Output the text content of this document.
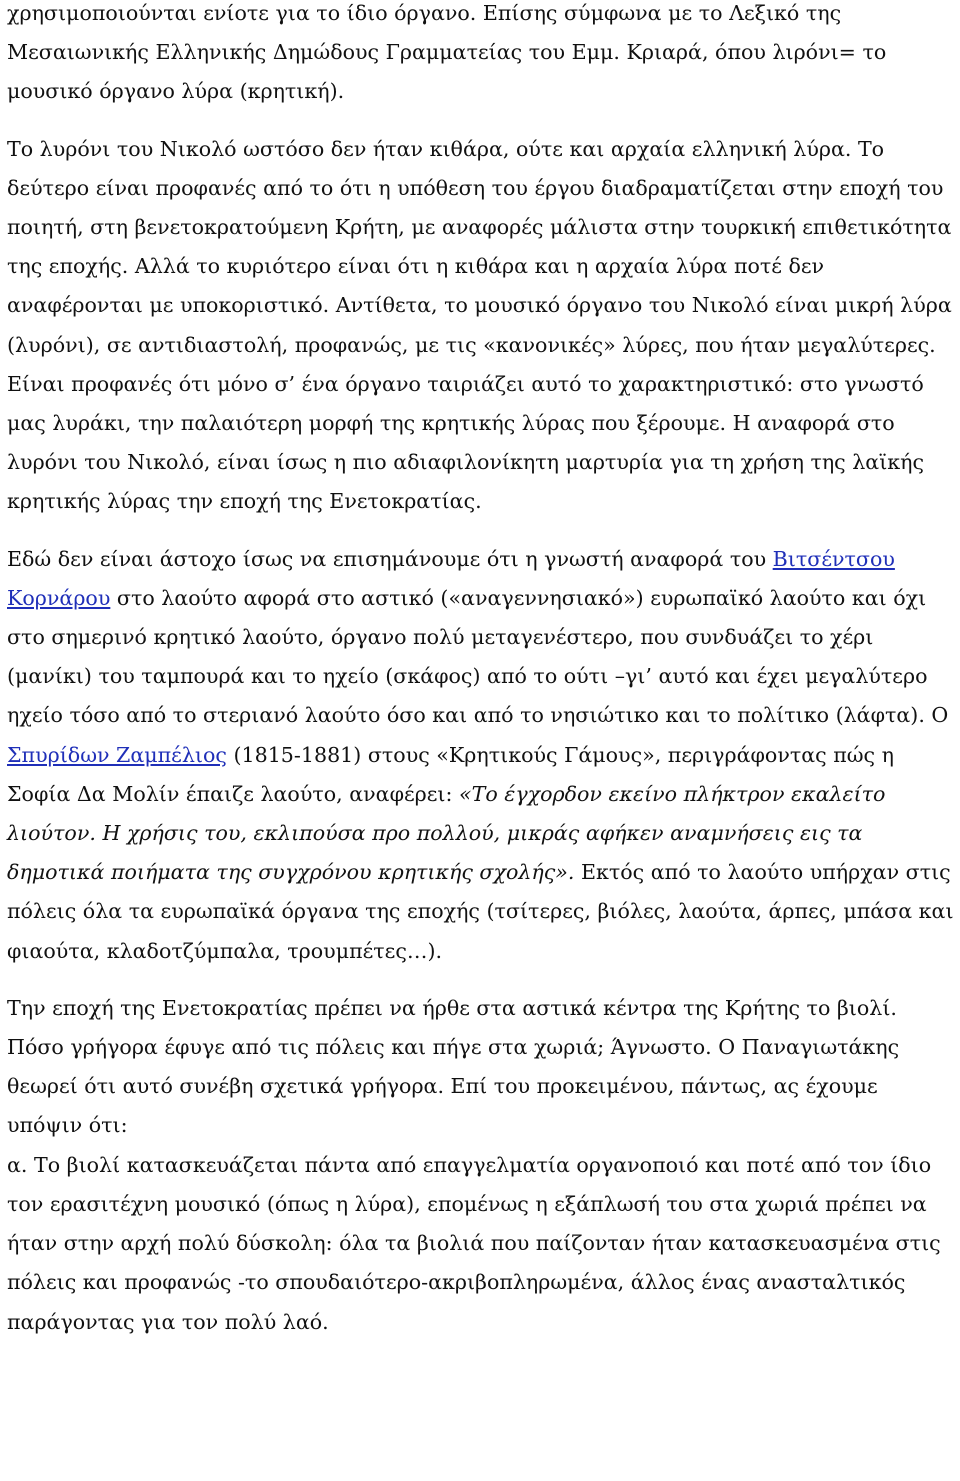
χρησιμοποιούνται ενίοτε για το ίδιο όργανο. Επίσης σύμφωνα με το Λεξικό της Μεσαιωνικής Ελληνικής Δημώδους Γραμματείας του Εμμ. Κριαρά, όπου λιρόνι= το μουσικό όργανο λύρα (κρητική).

Το λυρόνι του Νικολό ωστόσο δεν ήταν κιθάρα, ούτε και αρχαία ελληνική λύρα. Το δεύτερο είναι προφανές από το ότι η υπόθεση του έργου διαδραματίζεται στην εποχή του ποιητή, στη βενετοκρατούμενη Κρήτη, με αναφορές μάλιστα στην τουρκική επιθετικότητα της εποχής. Αλλά το κυριότερο είναι ότι η κιθάρα και η αρχαία λύρα ποτέ δεν αναφέρονται με υποκοριστικό. Αντίθετα, το μουσικό όργανο του Νικολό είναι μικρή λύρα (λυρόνι), σε αντιδιαστολή, προφανώς, με τις «κανονικές» λύρες, που ήταν μεγαλύτερες. Είναι προφανές ότι μόνο σ’ ένα όργανο ταιριάζει αυτό το χαρακτηριστικό: στο γνωστό μας λυράκι, την παλαιότερη μορφή της κρητικής λύρας που ξέρουμε. Η αναφορά στο λυρόνι του Νικολό, είναι ίσως η πιο αδιαφιλονίκητη μαρτυρία για τη χρήση της λαϊκής κρητικής λύρας την εποχή της Ενετοκρατίας.

Εδώ δεν είναι άστοχο ίσως να επισημάνουμε ότι η γνωστή αναφορά του Βιτσέντσου Κορνάρου στο λαούτο αφορά στο αστικό («αναγεννησιακό») ευρωπαϊκό λαούτο και όχι στο σημερινό κρητικό λαούτο, όργανο πολύ μεταγενέστερο, που συνδυάζει το χέρι (μανίκι) του ταμπουρά και το ηχείο (σκάφος) από το ούτι –γι’ αυτό και έχει μεγαλύτερο ηχείο τόσο από το στεριανό λαούτο όσο και από το νησιώτικο και το πολίτικο (λάφτα). Ο Σπυρίδων Ζαμπέλιος (1815-1881) στους «Κρητικούς Γάμους», περιγράφοντας πώς η Σοφία Δα Μολίν έπαιζε λαούτο, αναφέρει: «Το έγχορδον εκείνο πλήκτρον εκαλείτο λιούτον. Η χρήσις του, εκλιπούσα προ πολλού, μικράς αφήκεν αναμνήσεις εις τα δημοτικά ποιήματα της συγχρόνου κρητικής σχολής». Εκτός από το λαούτο υπήρχαν στις πόλεις όλα τα ευρωπαϊκά όργανα της εποχής (τσίτερες, βιόλες, λαούτα, άρπες, μπάσα και φιαούτα, κλαδοτζύμπαλα, τρουμπέτες…).

Την εποχή της Ενετοκρατίας πρέπει να ήρθε στα αστικά κέντρα της Κρήτης το βιολί. Πόσο γρήγορα έφυγε από τις πόλεις και πήγε στα χωριά; Άγνωστο. Ο Παναγιωτάκης θεωρεί ότι αυτό συνέβη σχετικά γρήγορα. Επί του προκειμένου, πάντως, ας έχουμε υπόψιν ότι:
α. Το βιολί κατασκευάζεται πάντα από επαγγελματία οργανοποιό και ποτέ από τον ίδιο τον ερασιτέχνη μουσικό (όπως η λύρα), επομένως η εξάπλωσή του στα χωριά πρέπει να ήταν στην αρχή πολύ δύσκολη: όλα τα βιολιά που παίζονταν ήταν κατασκευασμένα στις πόλεις και προφανώς -το σπουδαιότερο-ακριβοπληρωμένα, άλλος ένας ανασταλτικός παράγοντας για τον πολύ λαό.
